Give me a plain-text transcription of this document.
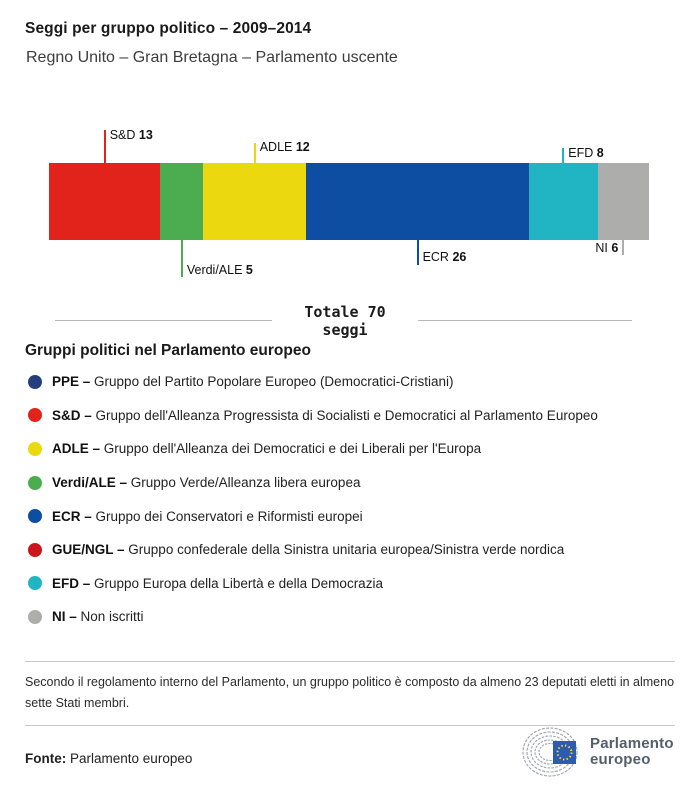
Seggi per gruppo politico – 2009–2014
Regno Unito – Gran Bretagna – Parlamento uscente
S&D 13
Verdi/ALE 5
ADLE 12
ECR 26
EFD 8
NI 6
Totale 70
seggi
Gruppi politici nel Parlamento europeo
PPE – Gruppo del Partito Popolare Europeo (Democratici-Cristiani)
S&D – Gruppo dell'Alleanza Progressista di Socialisti e Democratici al Parlamento Europeo
ADLE – Gruppo dell'Alleanza dei Democratici e dei Liberali per l'Europa
Verdi/ALE – Gruppo Verde/Alleanza libera europea
ECR – Gruppo dei Conservatori e Riformisti europei
GUE/NGL – Gruppo confederale della Sinistra unitaria europea/Sinistra verde nordica
EFD – Gruppo Europa della Libertà e della Democrazia
NI – Non iscritti
Secondo il regolamento interno del Parlamento, un gruppo politico è composto da almeno 23 deputati eletti in almeno sette Stati membri.
Fonte: Parlamento europeo
Parlamento
europeo
